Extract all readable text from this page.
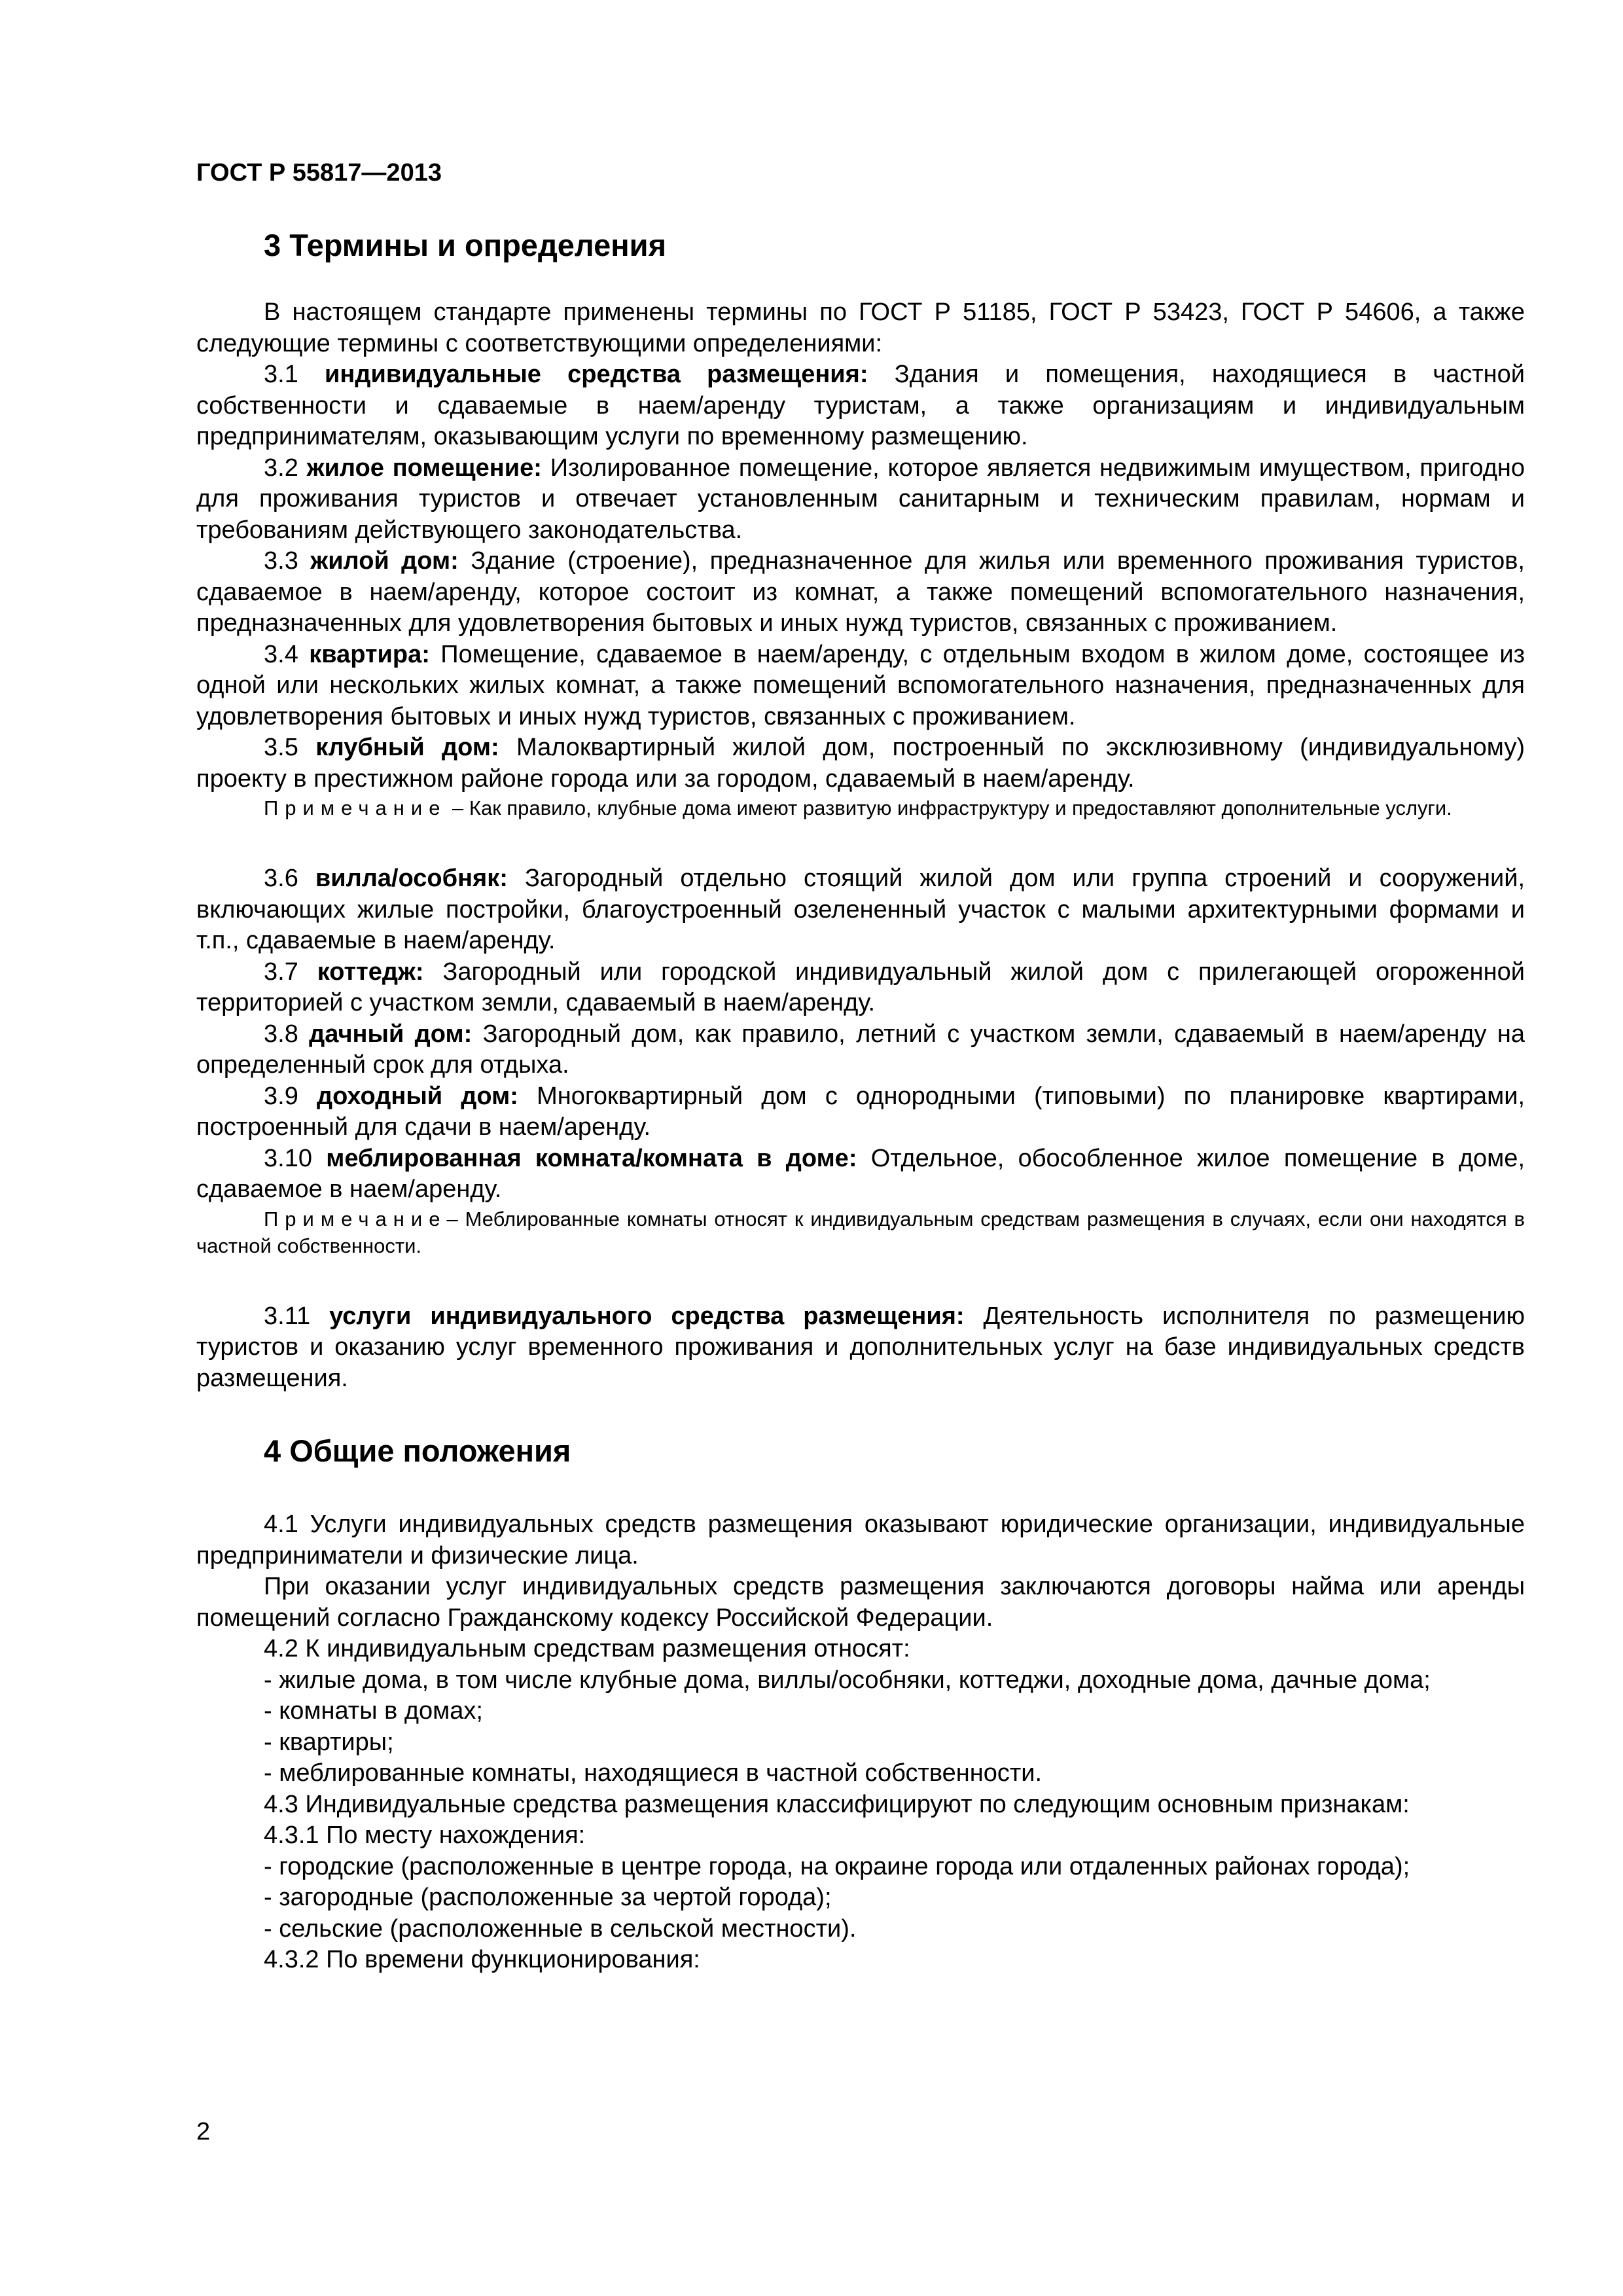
ГОСТ Р 55817—2013
3 Термины и определения

В настоящем стандарте применены термины по ГОСТ Р 51185, ГОСТ Р 53423, ГОСТ Р 54606, а также следующие термины с соответствующими определениями:

3.1 индивидуальные средства размещения: Здания и помещения, находящиеся в частной собственности и сдаваемые в наем/аренду туристам, а также организациям и индивидуальным предпринимателям, оказывающим услуги по временному размещению.

3.2 жилое помещение: Изолированное помещение, которое является недвижимым имуществом, пригодно для проживания туристов и отвечает установленным санитарным и техническим правилам, нормам и требованиям действующего законодательства.

3.3 жилой дом: Здание (строение), предназначенное для жилья или временного проживания туристов, сдаваемое в наем/аренду, которое состоит из комнат, а также помещений вспомогательного назначения, предназначенных для удовлетворения бытовых и иных нужд туристов, связанных с проживанием.

3.4 квартира: Помещение, сдаваемое в наем/аренду, с отдельным входом в жилом доме, состоящее из одной или нескольких жилых комнат, а также помещений вспомогательного назначения, предназначенных для удовлетворения бытовых и иных нужд туристов, связанных с проживанием.

3.5 клубный дом: Малоквартирный жилой дом, построенный по эксклюзивному (индивидуальному) проекту в престижном районе города или за городом, сдаваемый в наем/аренду.

Примечание – Как правило, клубные дома имеют развитую инфраструктуру и предоставляют дополнительные услуги.

3.6 вилла/особняк: Загородный отдельно стоящий жилой дом или группа строений и сооружений, включающих жилые постройки, благоустроенный озелененный участок с малыми архитектурными формами и т.п., сдаваемые в наем/аренду.

3.7 коттедж: Загородный или городской индивидуальный жилой дом с прилегающей огороженной территорией с участком земли, сдаваемый в наем/аренду.

3.8 дачный дом: Загородный дом, как правило, летний с участком земли, сдаваемый в наем/аренду на определенный срок для отдыха.

3.9 доходный дом: Многоквартирный дом с однородными (типовыми) по планировке квартирами, построенный для сдачи в наем/аренду.

3.10 меблированная комната/комната в доме: Отдельное, обособленное жилое помещение в доме, сдаваемое в наем/аренду.

Примечание– Меблированные комнаты относят к индивидуальным средствам размещения в случаях, если они находятся в частной собственности.

3.11 услуги индивидуального средства размещения: Деятельность исполнителя по размещению туристов и оказанию услуг временного проживания и дополнительных услуг на базе индивидуальных средств размещения.

4 Общие положения

4.1 Услуги индивидуальных средств размещения оказывают юридические организации, индивидуальные предприниматели и физические лица.

При оказании услуг индивидуальных средств размещения заключаются договоры найма или аренды помещений согласно Гражданскому кодексу Российской Федерации.

4.2 К индивидуальным средствам размещения относят:

- жилые дома, в том числе клубные дома, виллы/особняки, коттеджи, доходные дома, дачные дома;

- комнаты в домах;

- квартиры;

- меблированные комнаты, находящиеся в частной собственности.

4.3 Индивидуальные средства размещения классифицируют по следующим основным признакам:

4.3.1 По месту нахождения:

- городские (расположенные в центре города, на окраине города или отдаленных районах города);

- загородные (расположенные за чертой города);

- сельские (расположенные в сельской местности).

4.3.2 По времени функционирования:

2
